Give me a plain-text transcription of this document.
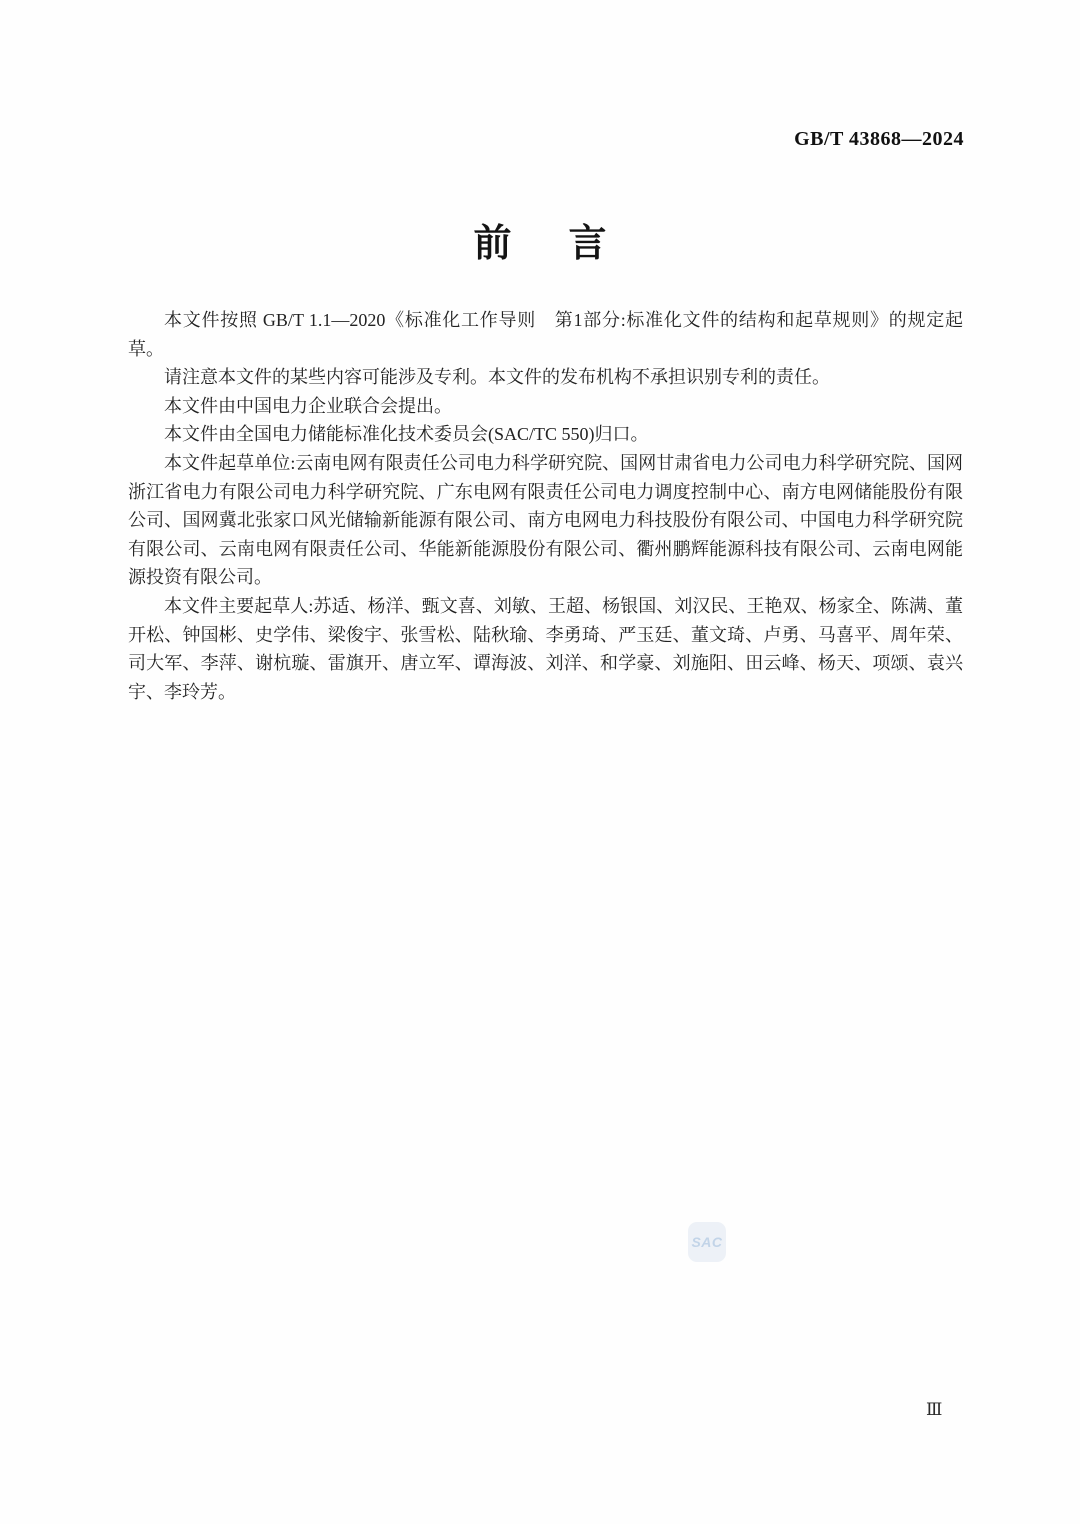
GB/T 43868—2024
前言

本文件按照 GB/T 1.1—2020《标准化工作导则　第1部分:标准化文件的结构和起草规则》的规定起草。

请注意本文件的某些内容可能涉及专利。本文件的发布机构不承担识别专利的责任。

本文件由中国电力企业联合会提出。

本文件由全国电力储能标准化技术委员会(SAC/TC 550)归口。

本文件起草单位:云南电网有限责任公司电力科学研究院、国网甘肃省电力公司电力科学研究院、国网浙江省电力有限公司电力科学研究院、广东电网有限责任公司电力调度控制中心、南方电网储能股份有限公司、国网冀北张家口风光储输新能源有限公司、南方电网电力科技股份有限公司、中国电力科学研究院有限公司、云南电网有限责任公司、华能新能源股份有限公司、衢州鹏辉能源科技有限公司、云南电网能源投资有限公司。

本文件主要起草人:苏适、杨洋、甄文喜、刘敏、王超、杨银国、刘汉民、王艳双、杨家全、陈满、董开松、钟国彬、史学伟、梁俊宇、张雪松、陆秋瑜、李勇琦、严玉廷、董文琦、卢勇、马喜平、周年荣、司大军、李萍、谢杭璇、雷旗开、唐立军、谭海波、刘洋、和学豪、刘施阳、田云峰、杨天、项颂、袁兴宇、李玲芳。

SAC
Ⅲ
